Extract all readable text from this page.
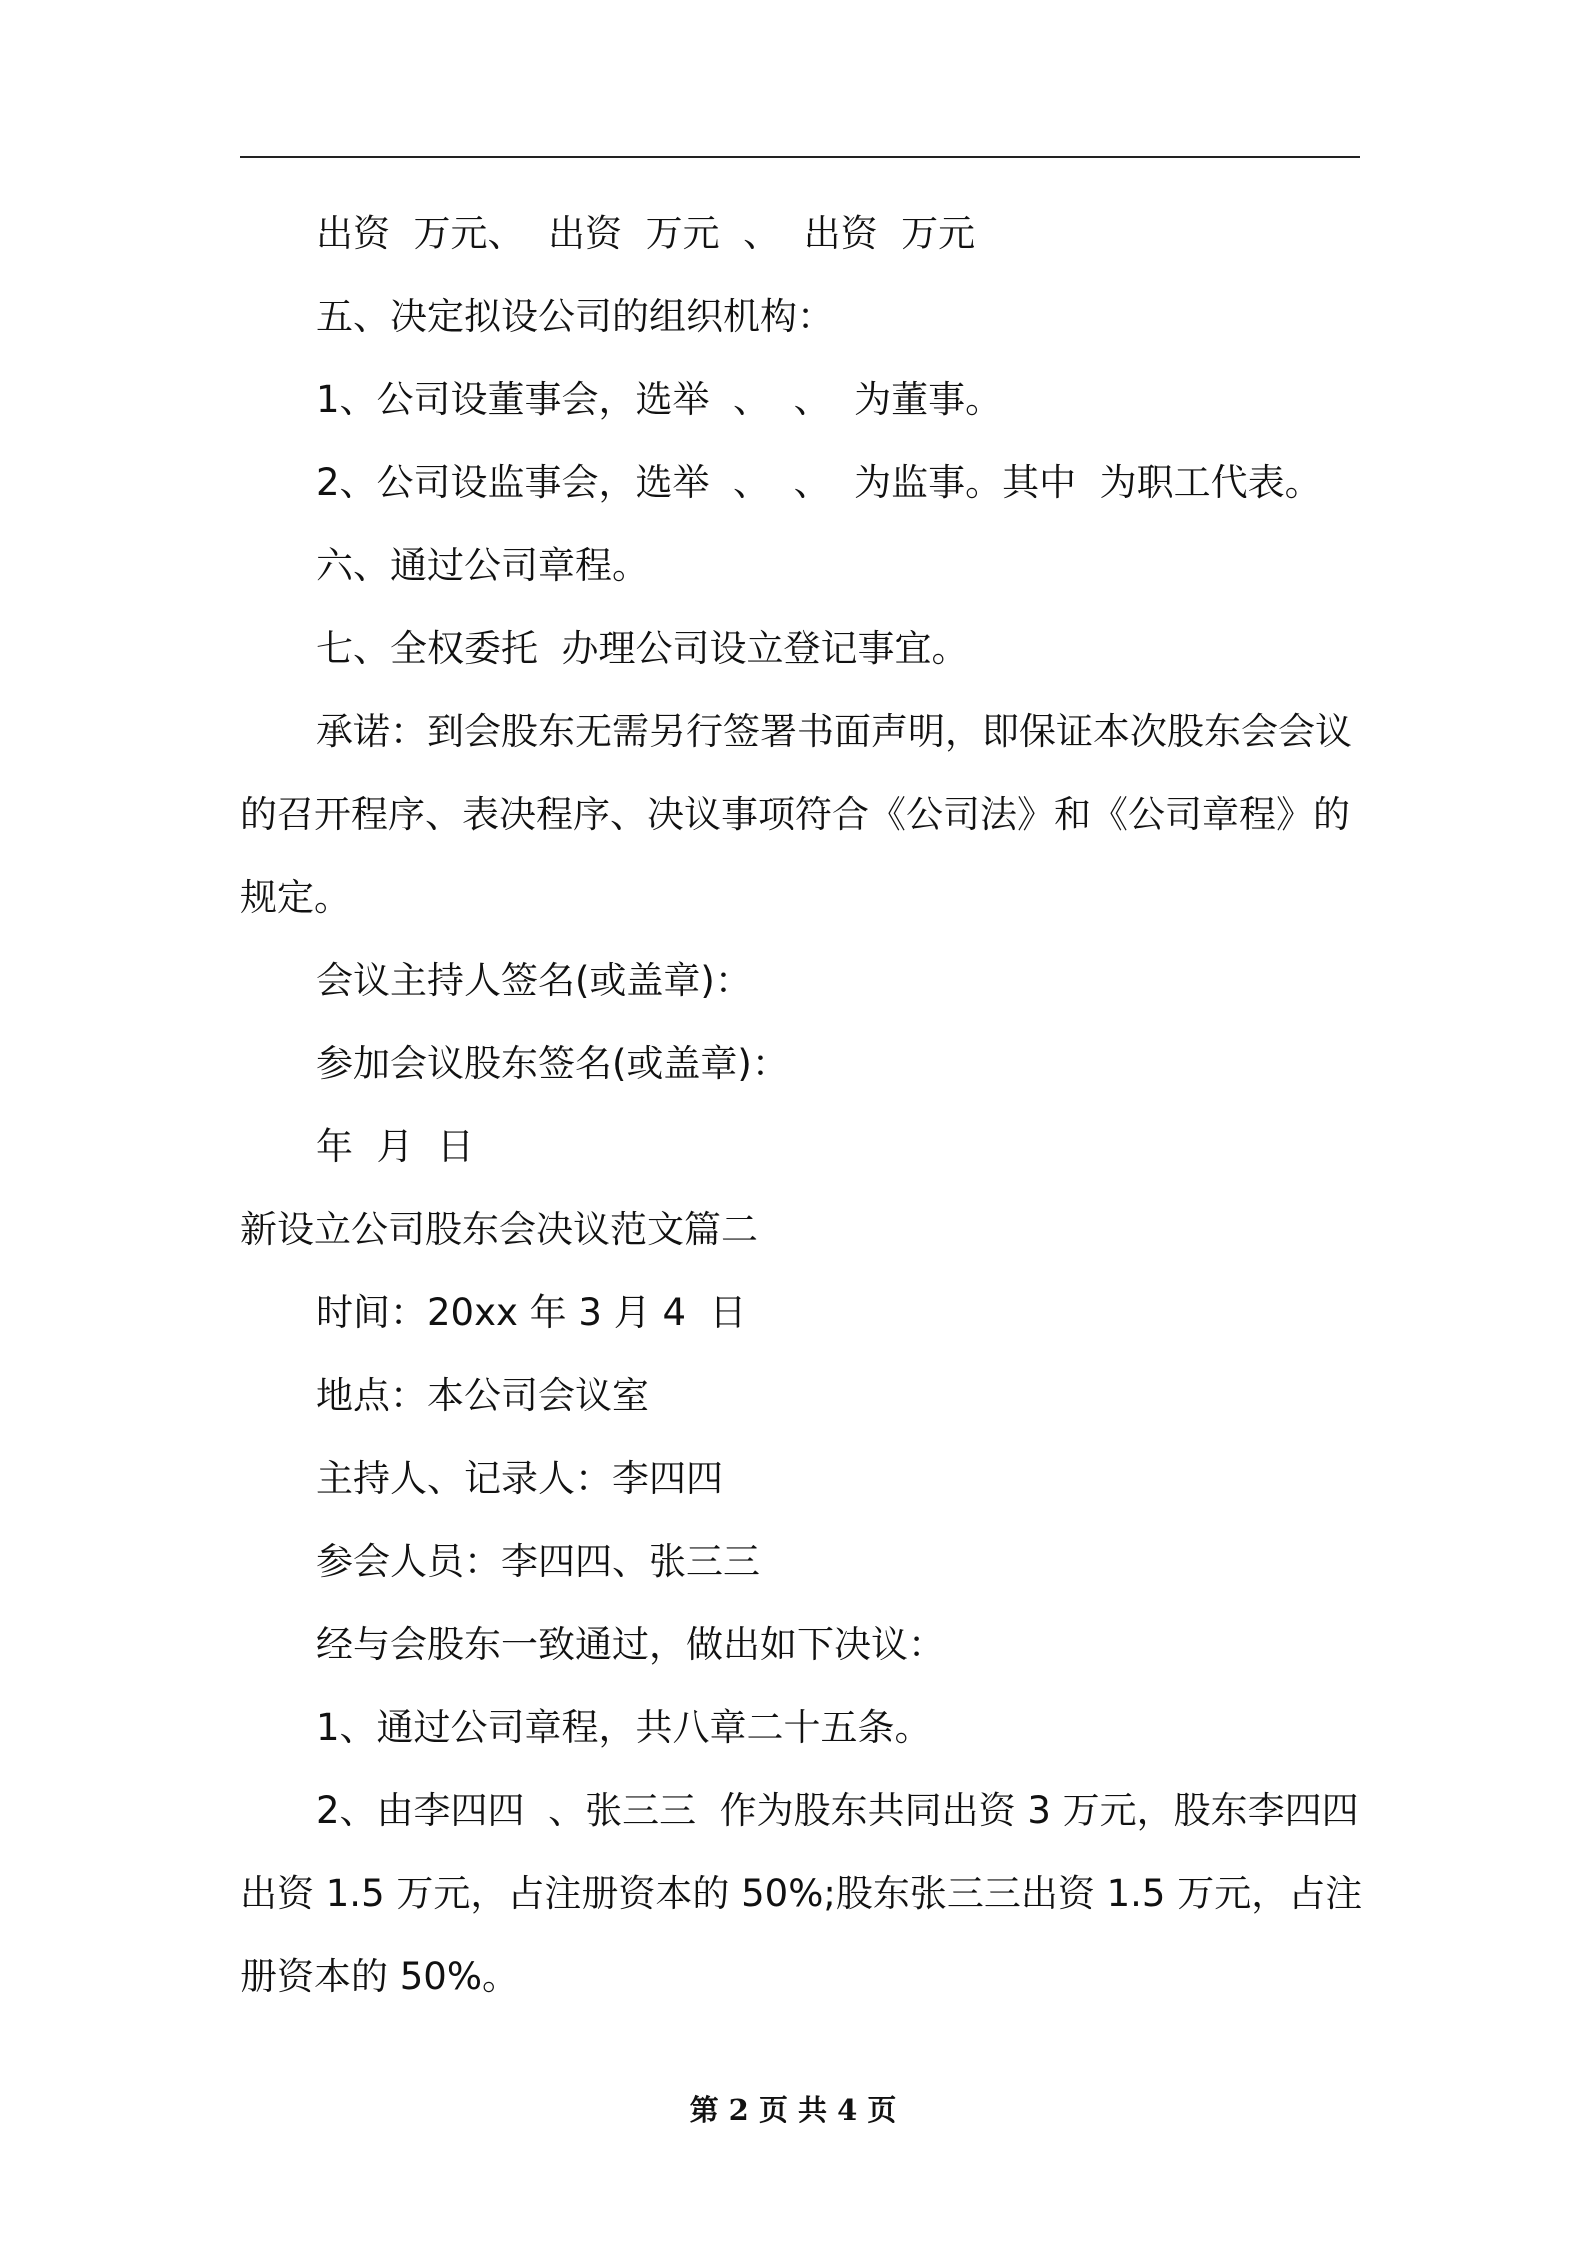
出资  万元、  出资  万元  、  出资  万元
五、决定拟设公司的组织机构：
1、公司设董事会，选举  、  、  为董事。
2、公司设监事会，选举  、  、  为监事。其中  为职工代表。
六、通过公司章程。
七、全权委托  办理公司设立登记事宜。
承诺：到会股东无需另行签署书面声明，即保证本次股东会会议
的召开程序、表决程序、决议事项符合《公司法》和《公司章程》的
规定。
会议主持人签名(或盖章)：
参加会议股东签名(或盖章)：
年  月  日
新设立公司股东会决议范文篇二
时间：20xx 年 3 月 4  日
地点：本公司会议室
主持人、记录人：李四四
参会人员：李四四、张三三
经与会股东一致通过，做出如下决议：
1、通过公司章程，共八章二十五条。
2、由李四四  、张三三  作为股东共同出资 3 万元，股东李四四
出资 1.5 万元，占注册资本的 50%;股东张三三出资 1.5 万元，占注
册资本的 50%。
第 2 页 共 4 页
